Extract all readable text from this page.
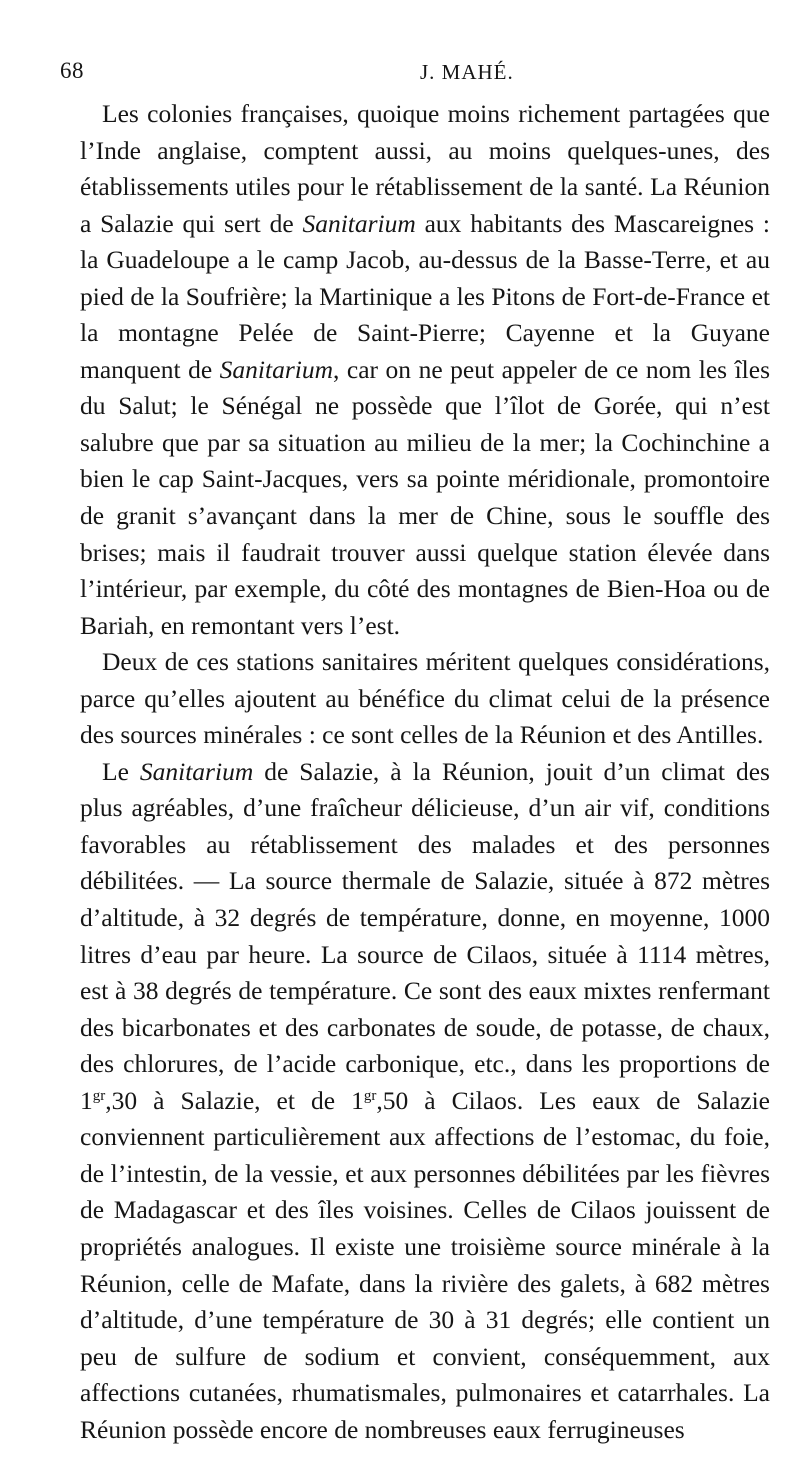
68	J. MAHÉ.

Les colonies françaises, quoique moins richement partagées que l’Inde anglaise, comptent aussi, au moins quelques-unes, des établissements utiles pour le rétablissement de la santé. La Réunion a Salazie qui sert de Sanitarium aux habitants des Mascareignes : la Guadeloupe a le camp Jacob, au-dessus de la Basse-Terre, et au pied de la Soufrière; la Martinique a les Pitons de Fort-de-France et la montagne Pelée de Saint-Pierre; Cayenne et la Guyane manquent de Sanitarium, car on ne peut appeler de ce nom les îles du Salut; le Sénégal ne possède que l’îlot de Gorée, qui n’est salubre que par sa situation au milieu de la mer; la Cochinchine a bien le cap Saint-Jacques, vers sa pointe méridionale, promontoire de granit s’avançant dans la mer de Chine, sous le souffle des brises; mais il faudrait trouver aussi quelque station élevée dans l’intérieur, par exemple, du côté des montagnes de Bien-Hoa ou de Bariah, en remontant vers l’est.

Deux de ces stations sanitaires méritent quelques considérations, parce qu’elles ajoutent au bénéfice du climat celui de la présence des sources minérales : ce sont celles de la Réunion et des Antilles.

Le Sanitarium de Salazie, à la Réunion, jouit d’un climat des plus agréables, d’une fraîcheur délicieuse, d’un air vif, conditions favorables au rétablissement des malades et des personnes débilitées. — La source thermale de Salazie, située à 872 mètres d’altitude, à 32 degrés de température, donne, en moyenne, 1000 litres d’eau par heure. La source de Cilaos, située à 1114 mètres, est à 38 degrés de température. Ce sont des eaux mixtes renfermant des bicarbonates et des carbonates de soude, de potasse, de chaux, des chlorures, de l’acide carbonique, etc., dans les proportions de $1^{gr},30$ à Salazie, et de $1^{gr},50$ à Cilaos. Les eaux de Salazie conviennent particulièrement aux affections de l’estomac, du foie, de l’intestin, de la vessie, et aux personnes débilitées par les fièvres de Madagascar et des îles voisines. Celles de Cilaos jouissent de propriétés analogues. Il existe une troisième source minérale à la Réunion, celle de Mafate, dans la rivière des galets, à 682 mètres d’altitude, d’une température de 30 à 31 degrés; elle contient un peu de sulfure de sodium et convient, conséquemment, aux affections cutanées, rhumatismales, pulmonaires et catarrhales. La Réunion possède encore de nombreuses eaux ferrugineuses
